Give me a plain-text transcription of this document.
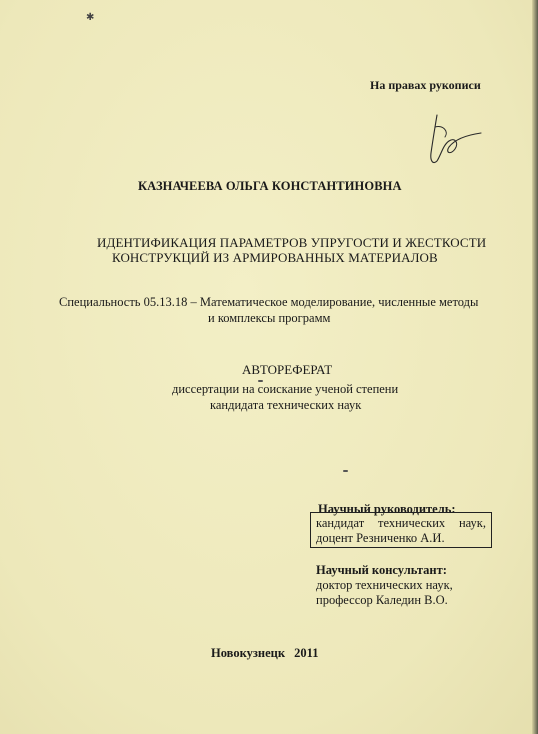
✱
На правах рукописи
КАЗНАЧЕЕВА ОЛЬГА КОНСТАНТИНОВНА
ИДЕНТИФИКАЦИЯ ПАРАМЕТРОВ УПРУГОСТИ И ЖЕСТКОСТИ
КОНСТРУКЦИЙ ИЗ АРМИРОВАННЫХ МАТЕРИАЛОВ
Специальность 05.13.18 – Математическое моделирование, численные методы
и комплексы программ
АВТОРЕФЕРАТ
диссертации на соискание ученой степени
кандидата технических наук
Научный руководитель:
кандидат технических наук,
доцент Резниченко А.И.
Научный консультант:
доктор технических наук,
профессор Каледин В.О.
Новокузнецк 2011
